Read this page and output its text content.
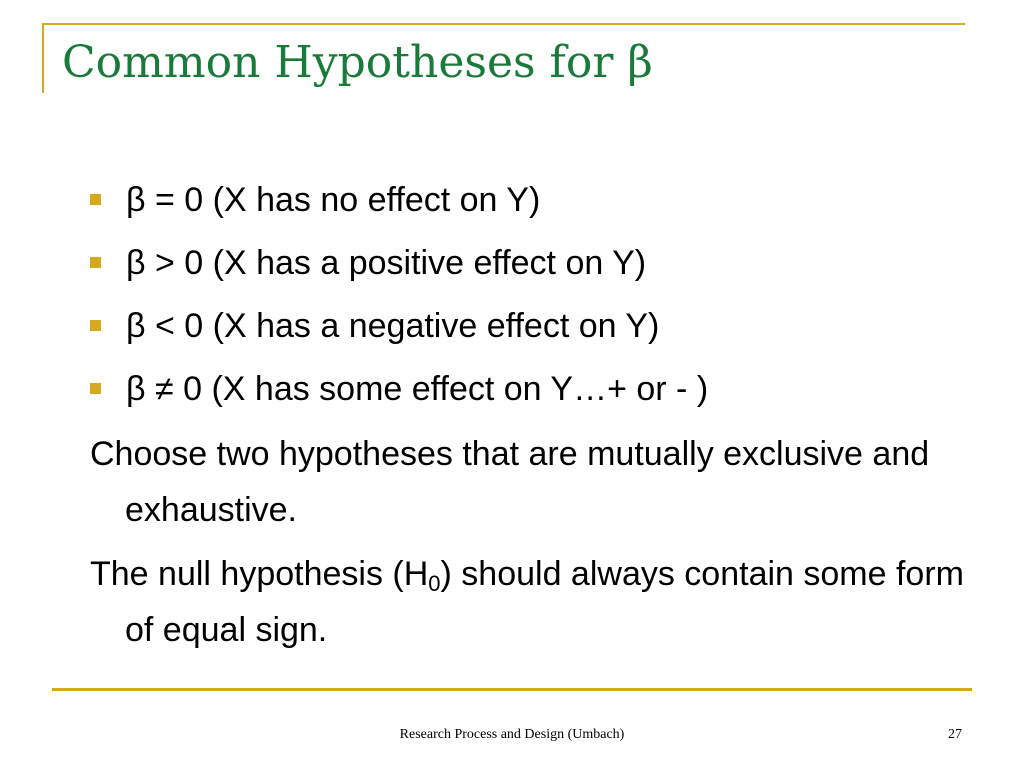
Common Hypotheses for β
β = 0 (X has no effect on Y)
β > 0 (X has a positive effect on Y)
β < 0 (X has a negative effect on Y)
β ≠ 0 (X has some effect on Y…+ or - )
Choose two hypotheses that are mutually exclusive and exhaustive.
The null hypothesis $(H_0)$ should always contain some form of equal sign.
Research Process and Design (Umbach)	27
